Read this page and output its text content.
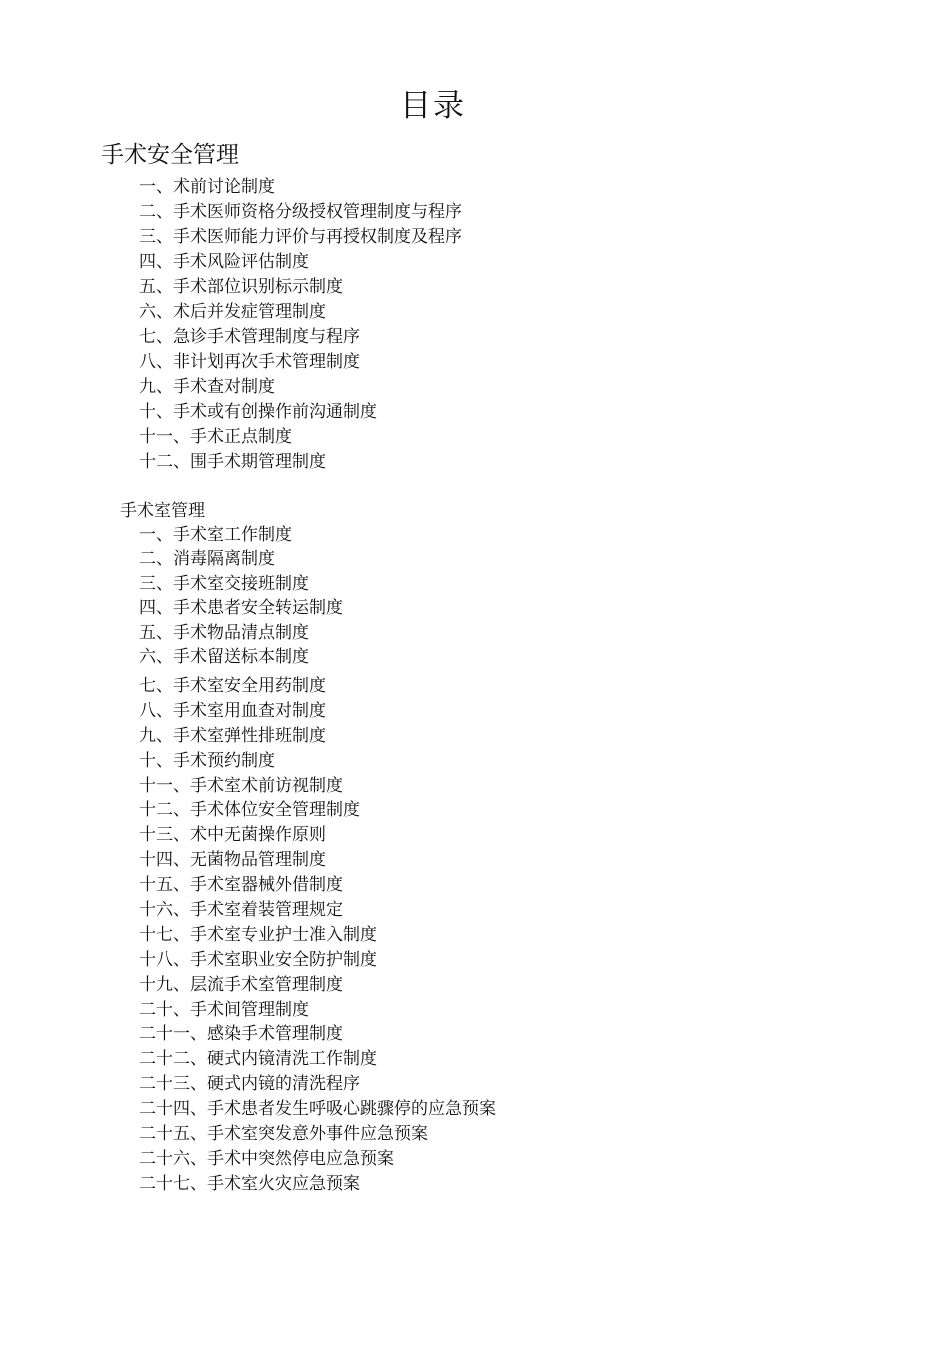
目录
手术安全管理
一、术前讨论制度
二、手术医师资格分级授权管理制度与程序
三、手术医师能力评价与再授权制度及程序
四、手术风险评估制度
五、手术部位识别标示制度
六、术后并发症管理制度
七、急诊手术管理制度与程序
八、非计划再次手术管理制度
九、手术查对制度
十、手术或有创操作前沟通制度
十一、手术正点制度
十二、围手术期管理制度
手术室管理
一、手术室工作制度
二、消毒隔离制度
三、手术室交接班制度
四、手术患者安全转运制度
五、手术物品清点制度
六、手术留送标本制度
七、手术室安全用药制度
八、手术室用血查对制度
九、手术室弹性排班制度
十、手术预约制度
十一、手术室术前访视制度
十二、手术体位安全管理制度
十三、术中无菌操作原则
十四、无菌物品管理制度
十五、手术室器械外借制度
十六、手术室着装管理规定
十七、手术室专业护士准入制度
十八、手术室职业安全防护制度
十九、层流手术室管理制度
二十、手术间管理制度
二十一、感染手术管理制度
二十二、硬式内镜清洗工作制度
二十三、硬式内镜的清洗程序
二十四、手术患者发生呼吸心跳骤停的应急预案
二十五、手术室突发意外事件应急预案
二十六、手术中突然停电应急预案
二十七、手术室火灾应急预案
